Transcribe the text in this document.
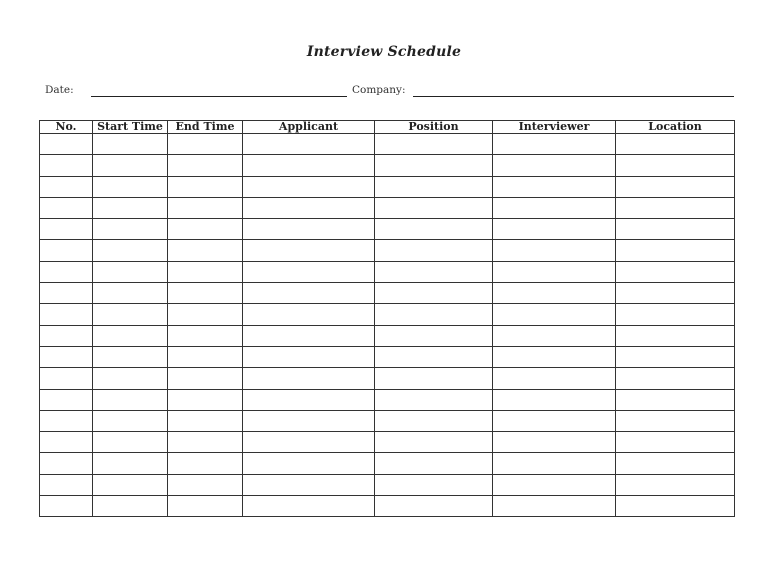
Interview Schedule
Date:	Company:
No.	Start Time	End Time	Applicant	Position	Interviewer	Location
